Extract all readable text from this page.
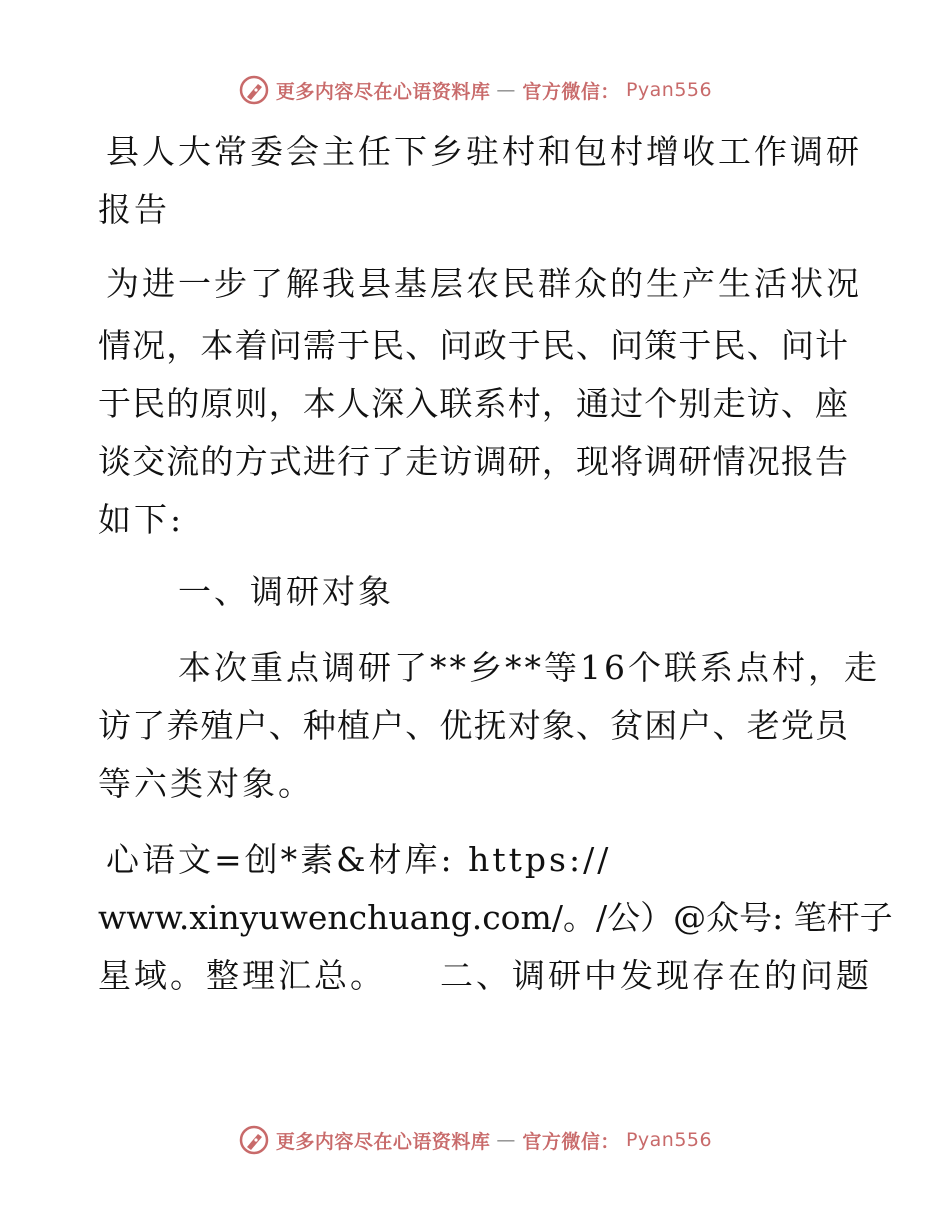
更多内容尽在心语资料库 — 官方微信： Pyan556
县人大常委会主任下乡驻村和包村增收工作调研
报告
为进一步了解我县基层农民群众的生产生活状况
情况，本着问需于民、问政于民、问策于民、问计
于民的原则，本人深入联系村，通过个别走访、座
谈交流的方式进行了走访调研，现将调研情况报告
如下:
一、调研对象
本次重点调研了**乡**等16个联系点村，走
访了养殖户、种植户、优抚对象、贫困户、老党员
等六类对象。
心语文=创*素&材库: https://
www.xinyuwenchuang.com/。/公）@众号: 笔杆子
星域。整理汇总。 二、调研中发现存在的问题
更多内容尽在心语资料库 — 官方微信： Pyan556
